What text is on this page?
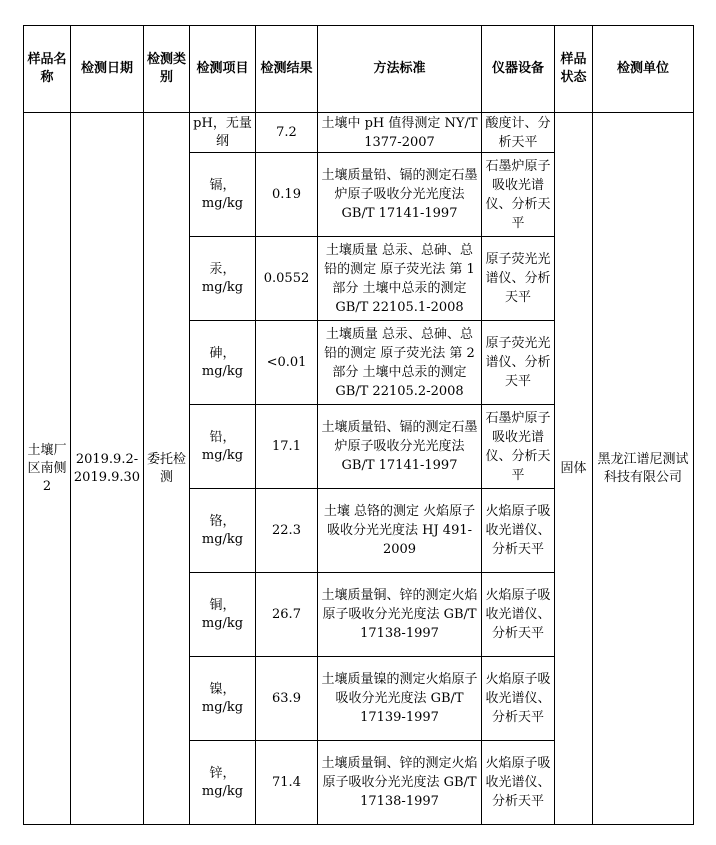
样品名称	检测日期	检测类别	检测项目	检测结果	方法标准	仪器设备	样品状态	检测单位
土壤厂区南侧2	2019.9.2-2019.9.30	委托检测	pH，无量纲	7.2	土壤中 pH 值得测定 NY/T 1377-2007	酸度计、分析天平	固体	黑龙江谱尼测试科技有限公司
			镉，mg/kg	0.19	土壤质量铅、镉的测定石墨炉原子吸收分光光度法 GB/T 17141-1997	石墨炉原子吸收光谱仪、分析天平		
			汞，mg/kg	0.0552	土壤质量 总汞、总砷、总铅的测定 原子荧光法 第 1 部分 土壤中总汞的测定 GB/T 22105.1-2008	原子荧光光谱仪、分析天平		
			砷，mg/kg	<0.01	土壤质量 总汞、总砷、总铅的测定 原子荧光法 第 2 部分 土壤中总汞的测定 GB/T 22105.2-2008	原子荧光光谱仪、分析天平		
			铅，mg/kg	17.1	土壤质量铅、镉的测定石墨炉原子吸收分光光度法 GB/T 17141-1997	石墨炉原子吸收光谱仪、分析天平		
			铬，mg/kg	22.3	土壤 总铬的测定 火焰原子吸收分光光度法 HJ 491-2009	火焰原子吸收光谱仪、分析天平		
			铜，mg/kg	26.7	土壤质量铜、锌的测定火焰原子吸收分光光度法 GB/T 17138-1997	火焰原子吸收光谱仪、分析天平		
			镍，mg/kg	63.9	土壤质量镍的测定火焰原子吸收分光光度法 GB/T 17139-1997	火焰原子吸收光谱仪、分析天平		
			锌，mg/kg	71.4	土壤质量铜、锌的测定火焰原子吸收分光光度法 GB/T 17138-1997	火焰原子吸收光谱仪、分析天平		
